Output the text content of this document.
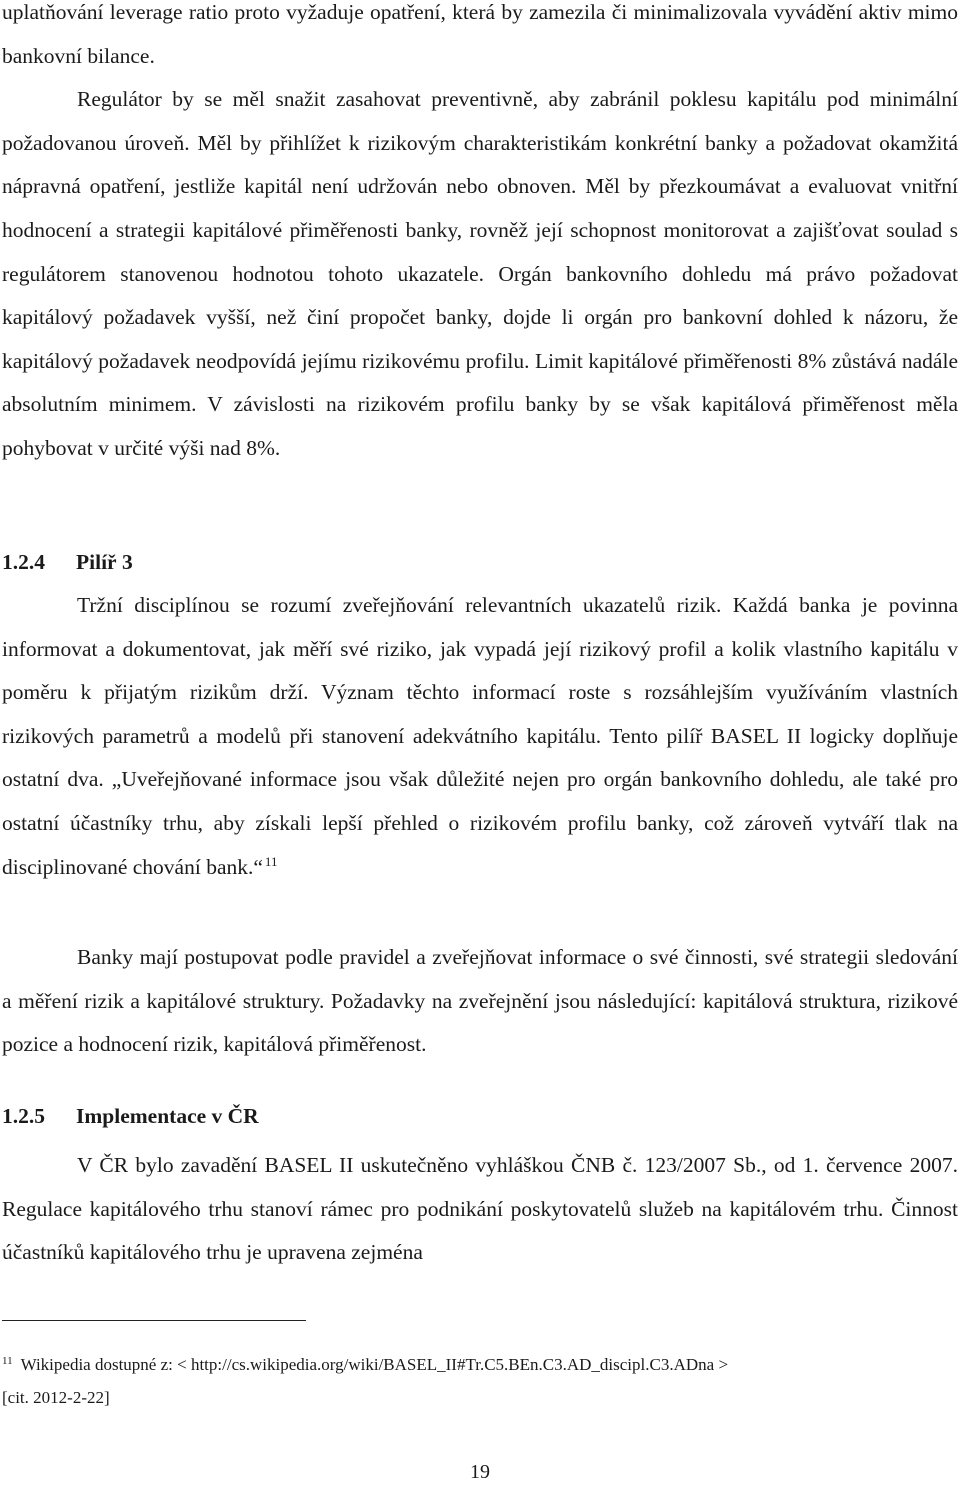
uplatňování leverage ratio proto vyžaduje opatření, která by zamezila či minimalizovala vyvádění aktiv mimo bankovní bilance.
Regulátor by se měl snažit zasahovat preventivně, aby zabránil poklesu kapitálu pod minimální požadovanou úroveň. Měl by přihlížet k rizikovým charakteristikám konkrétní banky a požadovat okamžitá nápravná opatření, jestliže kapitál není udržován nebo obnoven. Měl by přezkoumávat a evaluovat vnitřní hodnocení a strategii kapitálové přiměřenosti banky, rovněž její schopnost monitorovat a zajišťovat soulad s regulátorem stanovenou hodnotou tohoto ukazatele. Orgán bankovního dohledu má právo požadovat kapitálový požadavek vyšší, než činí propočet banky, dojde li orgán pro bankovní dohled k názoru, že kapitálový požadavek neodpovídá jejímu rizikovému profilu. Limit kapitálové přiměřenosti 8% zůstává nadále absolutním minimem. V závislosti na rizikovém profilu banky by se však kapitálová přiměřenost měla pohybovat v určité výši nad 8%.

1.2.4 Pilíř 3

Tržní disciplínou se rozumí zveřejňování relevantních ukazatelů rizik. Každá banka je povinna informovat a dokumentovat, jak měří své riziko, jak vypadá její rizikový profil a kolik vlastního kapitálu v poměru k přijatým rizikům drží. Význam těchto informací roste s rozsáhlejším využíváním vlastních rizikových parametrů a modelů při stanovení adekvátního kapitálu. Tento pilíř BASEL II logicky doplňuje ostatní dva. „Uveřejňované informace jsou však důležité nejen pro orgán bankovního dohledu, ale také pro ostatní účastníky trhu, aby získali lepší přehled o rizikovém profilu banky, což zároveň vytváří tlak na disciplinované chování bank.“ $^{11}$

Banky mají postupovat podle pravidel a zveřejňovat informace o své činnosti, své strategii sledování a měření rizik a kapitálové struktury. Požadavky na zveřejnění jsou následující: kapitálová struktura, rizikové pozice a hodnocení rizik, kapitálová přiměřenost.

1.2.5 Implementace v ČR

V ČR bylo zavadění BASEL II uskutečněno vyhláškou ČNB č. 123/2007 Sb., od 1. července 2007. Regulace kapitálového trhu stanoví rámec pro podnikání poskytovatelů služeb na kapitálovém trhu. Činnost účastníků kapitálového trhu je upravena zejména

$^{11}$ Wikipedia dostupné z: < http://cs.wikipedia.org/wiki/BASEL_II#Tr.C5.BEn.C3.AD_discipl.C3.ADna >
[cit. 2012-2-22]

19
